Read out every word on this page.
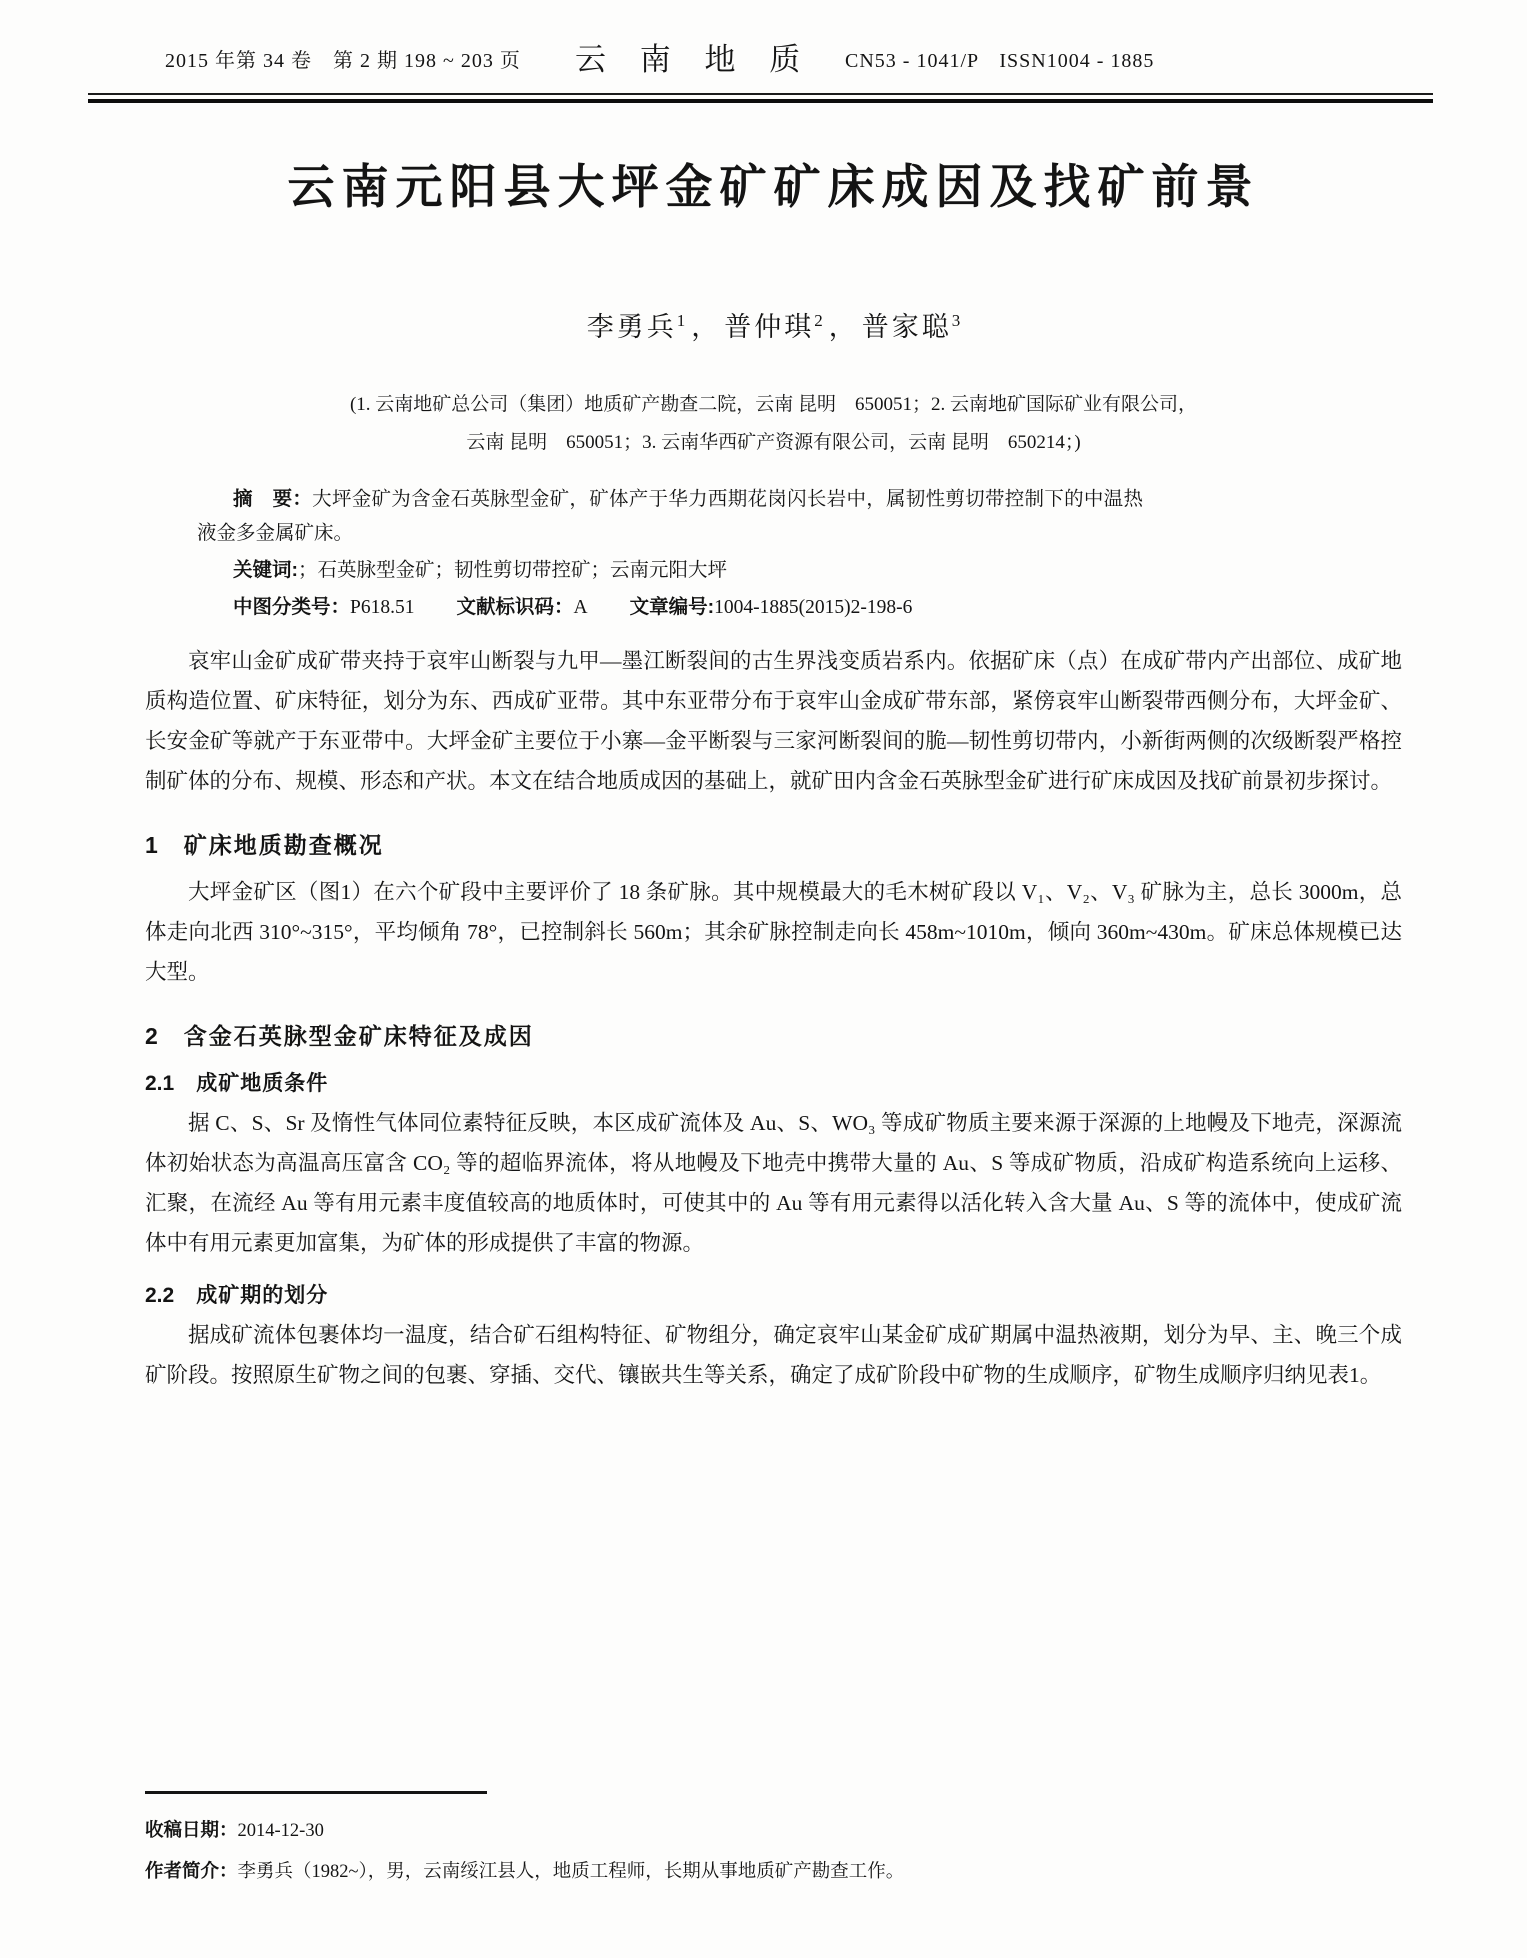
2015 年第 34 卷　第 2 期 198 ~ 203 页 云 南 地 质 CN53 - 1041/P　ISSN1004 - 1885
云南元阳县大坪金矿矿床成因及找矿前景
李勇兵$^1$ ， 普仲琪$^2$ ， 普家聪$^3$
(1. 云南地矿总公司（集团）地质矿产勘查二院，云南 昆明　650051；2. 云南地矿国际矿业有限公司，
云南 昆明　650051；3. 云南华西矿产资源有限公司，云南 昆明　650214；)
摘　要：大坪金矿为含金石英脉型金矿，矿体产于华力西期花岗闪长岩中，属韧性剪切带控制下的中温热液金多金属矿床。
关键词:；石英脉型金矿；韧性剪切带控矿；云南元阳大坪
中图分类号：P618.51 文献标识码：A 文章编号:1004-1885(2015)2-198-6

哀牢山金矿成矿带夹持于哀牢山断裂与九甲—墨江断裂间的古生界浅变质岩系内。依据矿床（点）在成矿带内产出部位、成矿地质构造位置、矿床特征，划分为东、西成矿亚带。其中东亚带分布于哀牢山金成矿带东部，紧傍哀牢山断裂带西侧分布，大坪金矿、长安金矿等就产于东亚带中。大坪金矿主要位于小寨—金平断裂与三家河断裂间的脆—韧性剪切带内，小新街两侧的次级断裂严格控制矿体的分布、规模、形态和产状。本文在结合地质成因的基础上，就矿田内含金石英脉型金矿进行矿床成因及找矿前景初步探讨。

1 矿床地质勘查概况

大坪金矿区（图1）在六个矿段中主要评价了 18 条矿脉。其中规模最大的毛木树矿段以 V₁、V₂、V₃ 矿脉为主，总长 3000m，总体走向北西 310°~315°，平均倾角 78°，已控制斜长 560m；其余矿脉控制走向长 458m~1010m，倾向 360m~430m。矿床总体规模已达大型。

2 含金石英脉型金矿床特征及成因
2.1 成矿地质条件

据 C、S、Sr 及惰性气体同位素特征反映，本区成矿流体及 Au、S、WO₃ 等成矿物质主要来源于深源的上地幔及下地壳，深源流体初始状态为高温高压富含 CO₂ 等的超临界流体，将从地幔及下地壳中携带大量的 Au、S 等成矿物质，沿成矿构造系统向上运移、汇聚，在流经 Au 等有用元素丰度值较高的地质体时，可使其中的 Au 等有用元素得以活化转入含大量 Au、S 等的流体中，使成矿流体中有用元素更加富集，为矿体的形成提供了丰富的物源。

2.2 成矿期的划分

据成矿流体包裹体均一温度，结合矿石组构特征、矿物组分，确定哀牢山某金矿成矿期属中温热液期，划分为早、主、晚三个成矿阶段。按照原生矿物之间的包裹、穿插、交代、镶嵌共生等关系，确定了成矿阶段中矿物的生成顺序，矿物生成顺序归纳见表1。

收稿日期：2014-12-30
作者简介：李勇兵（1982~），男，云南绥江县人，地质工程师，长期从事地质矿产勘查工作。
